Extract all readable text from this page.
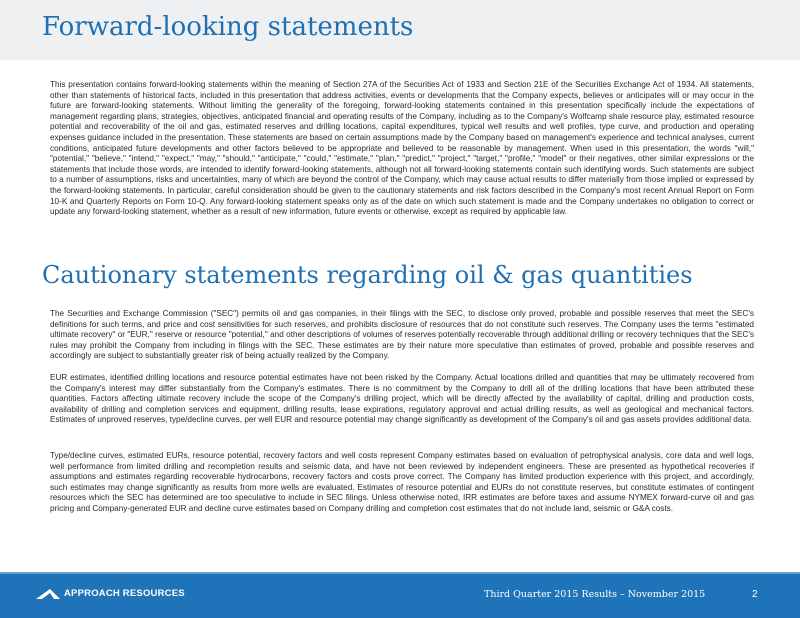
Forward-looking statements

This presentation contains forward-looking statements within the meaning of Section 27A of the Securities Act of 1933 and Section 21E of the Securities Exchange Act of 1934. All statements, other than statements of historical facts, included in this presentation that address activities, events or developments that the Company expects, believes or anticipates will or may occur in the future are forward-looking statements. Without limiting the generality of the foregoing, forward-looking statements contained in this presentation specifically include the expectations of management regarding plans, strategies, objectives, anticipated financial and operating results of the Company, including as to the Company's Wolfcamp shale resource play, estimated resource potential and recoverability of the oil and gas, estimated reserves and drilling locations, capital expenditures, typical well results and well profiles, type curve, and production and operating expenses guidance included in the presentation. These statements are based on certain assumptions made by the Company based on management's experience and technical analyses, current conditions, anticipated future developments and other factors believed to be appropriate and believed to be reasonable by management. When used in this presentation, the words "will," "potential," "believe," "intend," "expect," "may," "should," "anticipate," "could," "estimate," "plan," "predict," "project," "target," "profile," "model" or their negatives, other similar expressions or the statements that include those words, are intended to identify forward-looking statements, although not all forward-looking statements contain such identifying words. Such statements are subject to a number of assumptions, risks and uncertainties, many of which are beyond the control of the Company, which may cause actual results to differ materially from those implied or expressed by the forward-looking statements. In particular, careful consideration should be given to the cautionary statements and risk factors described in the Company's most recent Annual Report on Form 10-K and Quarterly Reports on Form 10-Q. Any forward-looking statement speaks only as of the date on which such statement is made and the Company undertakes no obligation to correct or update any forward-looking statement, whether as a result of new information, future events or otherwise, except as required by applicable law.

Cautionary statements regarding oil & gas quantities

The Securities and Exchange Commission ("SEC") permits oil and gas companies, in their filings with the SEC, to disclose only proved, probable and possible reserves that meet the SEC's definitions for such terms, and price and cost sensitivities for such reserves, and prohibits disclosure of resources that do not constitute such reserves. The Company uses the terms "estimated ultimate recovery" or "EUR," reserve or resource "potential," and other descriptions of volumes of reserves potentially recoverable through additional drilling or recovery techniques that the SEC's rules may prohibit the Company from including in filings with the SEC. These estimates are by their nature more speculative than estimates of proved, probable and possible reserves and accordingly are subject to substantially greater risk of being actually realized by the Company.

EUR estimates, identified drilling locations and resource potential estimates have not been risked by the Company. Actual locations drilled and quantities that may be ultimately recovered from the Company's interest may differ substantially from the Company's estimates. There is no commitment by the Company to drill all of the drilling locations that have been attributed these quantities. Factors affecting ultimate recovery include the scope of the Company's drilling project, which will be directly affected by the availability of capital, drilling and production costs, availability of drilling and completion services and equipment, drilling results, lease expirations, regulatory approval and actual drilling results, as well as geological and mechanical factors. Estimates of unproved reserves, type/decline curves, per well EUR and resource potential may change significantly as development of the Company's oil and gas assets provides additional data.

Type/decline curves, estimated EURs, resource potential, recovery factors and well costs represent Company estimates based on evaluation of petrophysical analysis, core data and well logs, well performance from limited drilling and recompletion results and seismic data, and have not been reviewed by independent engineers. These are presented as hypothetical recoveries if assumptions and estimates regarding recoverable hydrocarbons, recovery factors and costs prove correct. The Company has limited production experience with this project, and accordingly, such estimates may change significantly as results from more wells are evaluated. Estimates of resource potential and EURs do not constitute reserves, but constitute estimates of contingent resources which the SEC has determined are too speculative to include in SEC filings. Unless otherwise noted, IRR estimates are before taxes and assume NYMEX forward-curve oil and gas pricing and Company-generated EUR and decline curve estimates based on Company drilling and completion cost estimates that do not include land, seismic or G&A costs.

APPROACH RESOURCES	Third Quarter 2015 Results – November 2015	2
